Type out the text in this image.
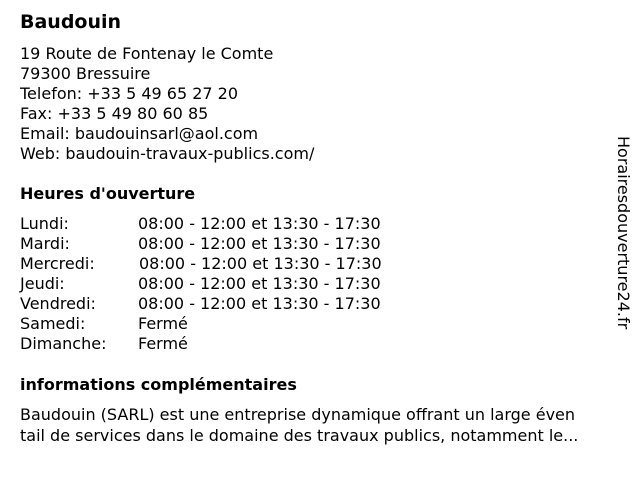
Baudouin
19 Route de Fontenay le Comte
79300 Bressuire
Telefon: +33 5 49 65 27 20
Fax: +33 5 49 80 60 85
Email: baudouinsarl@aol.com
Web: baudouin-travaux-publics.com/
Heures d'ouverture
Lundi:	08:00 - 12:00 et 13:30 - 17:30
Mardi:	08:00 - 12:00 et 13:30 - 17:30
Mercredi:	08:00 - 12:00 et 13:30 - 17:30
Jeudi:	08:00 - 12:00 et 13:30 - 17:30
Vendredi:	08:00 - 12:00 et 13:30 - 17:30
Samedi:	Fermé
Dimanche: Fermé
informations complémentaires
Baudouin (SARL) est une entreprise dynamique offrant un large éven
tail de services dans le domaine des travaux publics, notamment le...
Horairesdouverture24.fr
